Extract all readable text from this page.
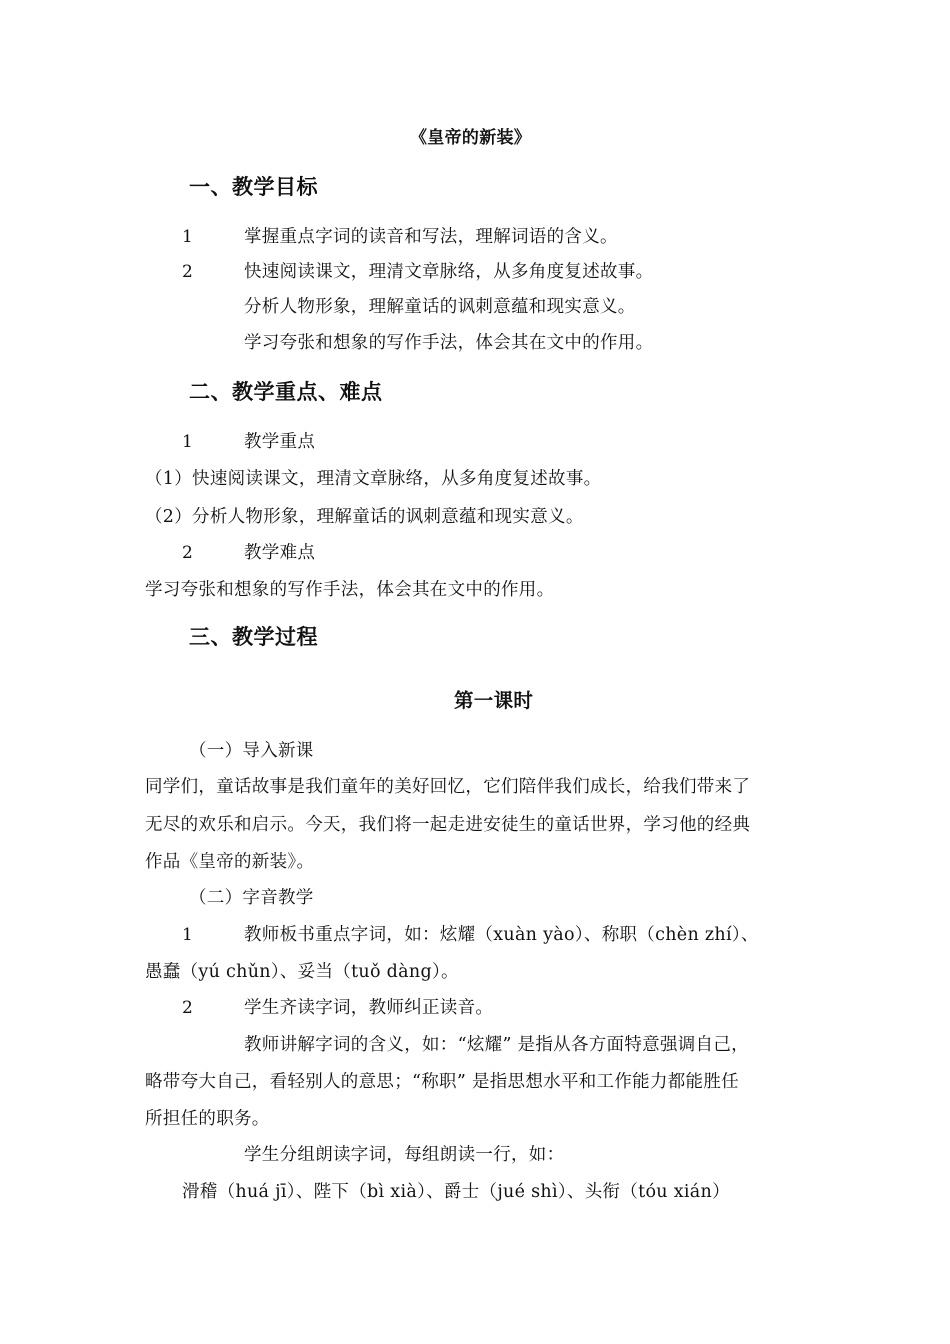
《皇帝的新装》
一、教学目标
1	掌握重点字词的读音和写法，理解词语的含义。
2	快速阅读课文，理清文章脉络，从多角度复述故事。
分析人物形象，理解童话的讽刺意蕴和现实意义。
学习夸张和想象的写作手法，体会其在文中的作用。
二、教学重点、难点
1	教学重点
（1）快速阅读课文，理清文章脉络，从多角度复述故事。
（2）分析人物形象，理解童话的讽刺意蕴和现实意义。
2	教学难点
学习夸张和想象的写作手法，体会其在文中的作用。
三、教学过程
第一课时
（一）导入新课
同学们，童话故事是我们童年的美好回忆，它们陪伴我们成长，给我们带来了
无尽的欢乐和启示。今天，我们将一起走进安徒生的童话世界，学习他的经典
作品《皇帝的新装》。
（二）字音教学
1	教师板书重点字词，如：炫耀（xuàn yào）、称职（chèn zhí）、
愚蠢（yú chǔn）、妥当（tuǒ dàng）。
2	学生齐读字词，教师纠正读音。
教师讲解字词的含义，如：“炫耀” 是指从各方面特意强调自己，
略带夸大自己，看轻别人的意思；“称职” 是指思想水平和工作能力都能胜任
所担任的职务。
学生分组朗读字词，每组朗读一行，如：
滑稽（huá jī）、陛下（bì xià）、爵士（jué shì）、头衔（tóu xián）
